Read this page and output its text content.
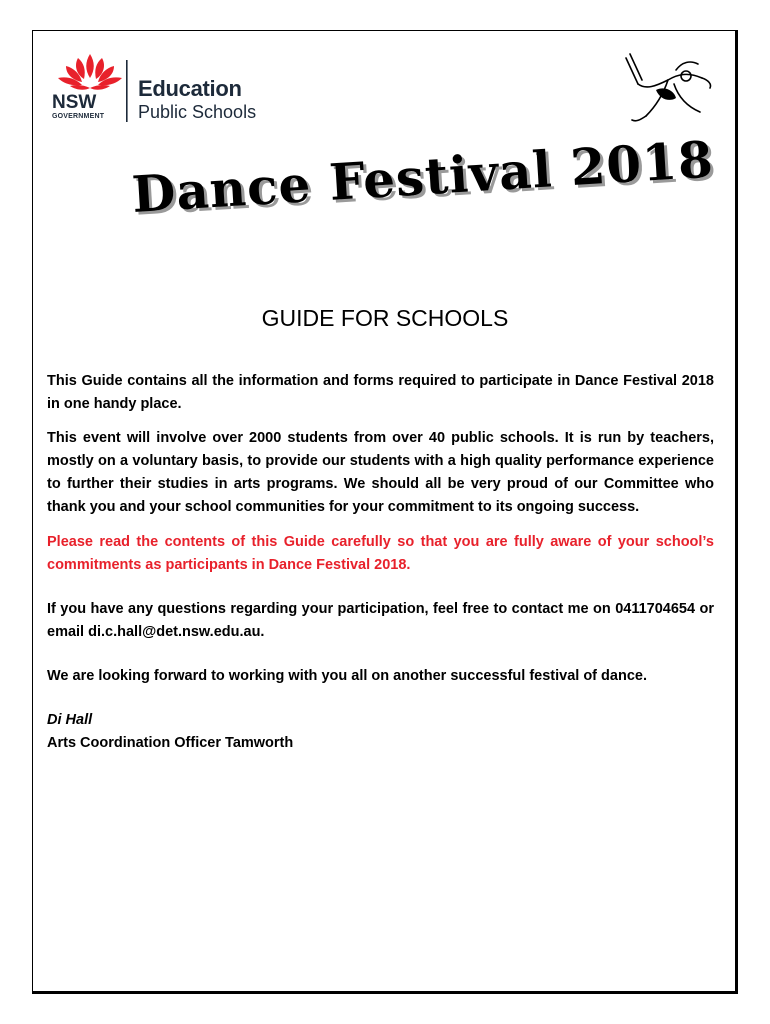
NSW
GOVERNMENT
Education
Public Schools
Dance Festival 2018
GUIDE FOR SCHOOLS

This Guide contains all the information and forms required to participate in Dance Festival 2018 in one handy place.

This event will involve over 2000 students from over 40 public schools. It is run by teachers, mostly on a voluntary basis, to provide our students with a high quality performance experience to further their studies in arts programs. We should all be very proud of our Committee who thank you and your school communities for your commitment to its ongoing success.

Please read the contents of this Guide carefully so that you are fully aware of your school’s commitments as participants in Dance Festival 2018.

If you have any questions regarding your participation, feel free to contact me on 0411704654 or email di.c.hall@det.nsw.edu.au.

We are looking forward to working with you all on another successful festival of dance.

Di Hall

Arts Coordination Officer Tamworth
